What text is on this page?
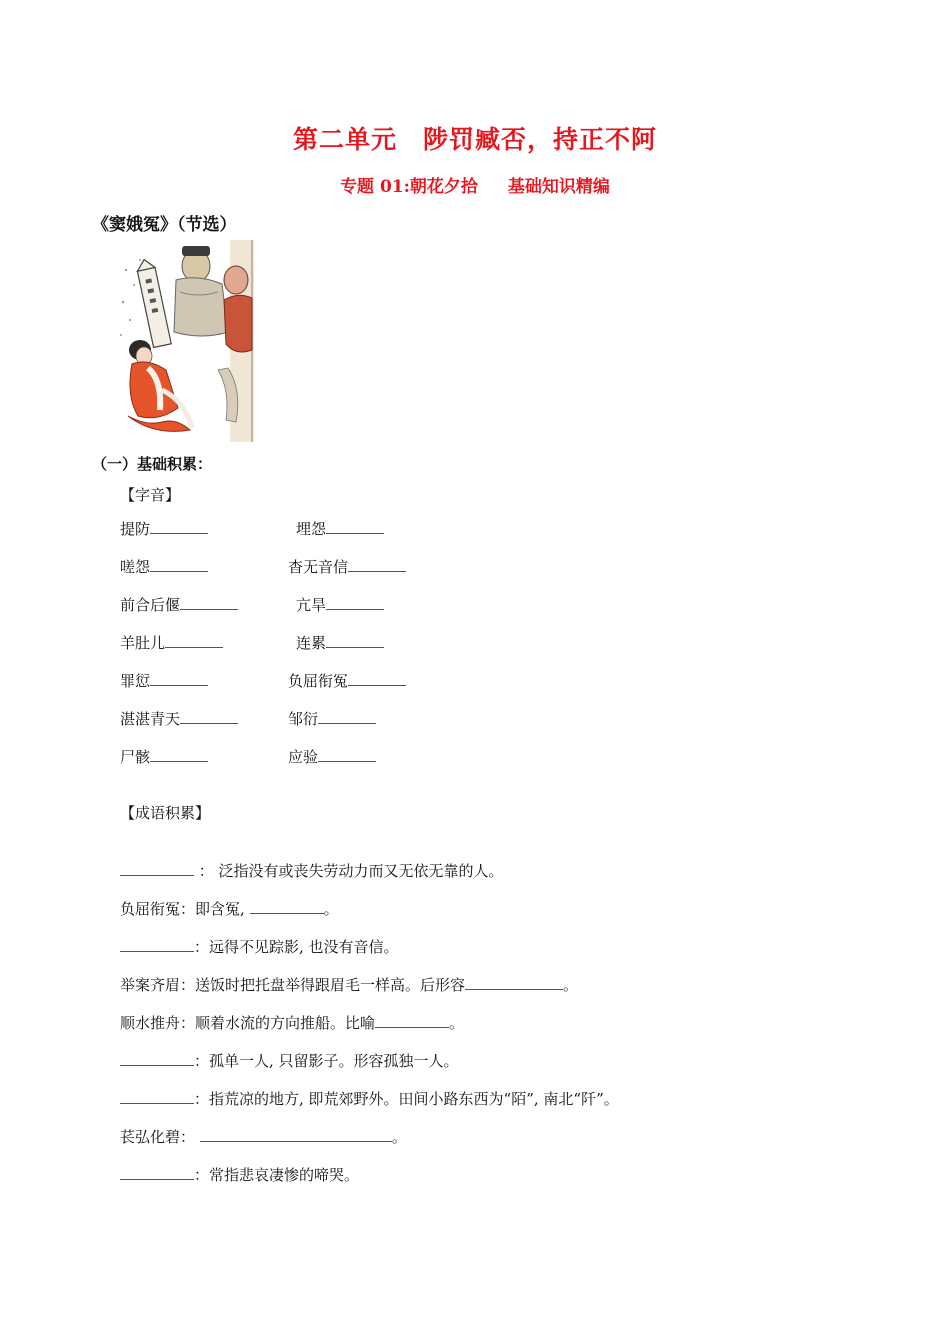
第二单元　陟罚臧否，持正不阿
专题 01:朝花夕拾 基础知识精编
《窦娥冤》（节选）
（一）基础积累：
【字音】
提防	埋怨
嗟怨	杳无音信
前合后偃	亢旱
羊肚儿	连累
罪愆	负屈衔冤
湛湛青天	邹衍
尸骸	应验
【成语积累】
： 泛指没有或丧失劳动力而又无依无靠的人。
负屈衔冤：即含冤,	。
：远得不见踪影, 也没有音信。
举案齐眉：送饭时把托盘举得跟眉毛一样高。后形容	。
顺水推舟：顺着水流的方向推船。比喻	。
：孤单一人, 只留影子。形容孤独一人。
：指荒凉的地方, 即荒郊野外。田间小路东西为“陌”, 南北“阡”。
苌弘化碧：	。
：常指悲哀凄惨的啼哭。
